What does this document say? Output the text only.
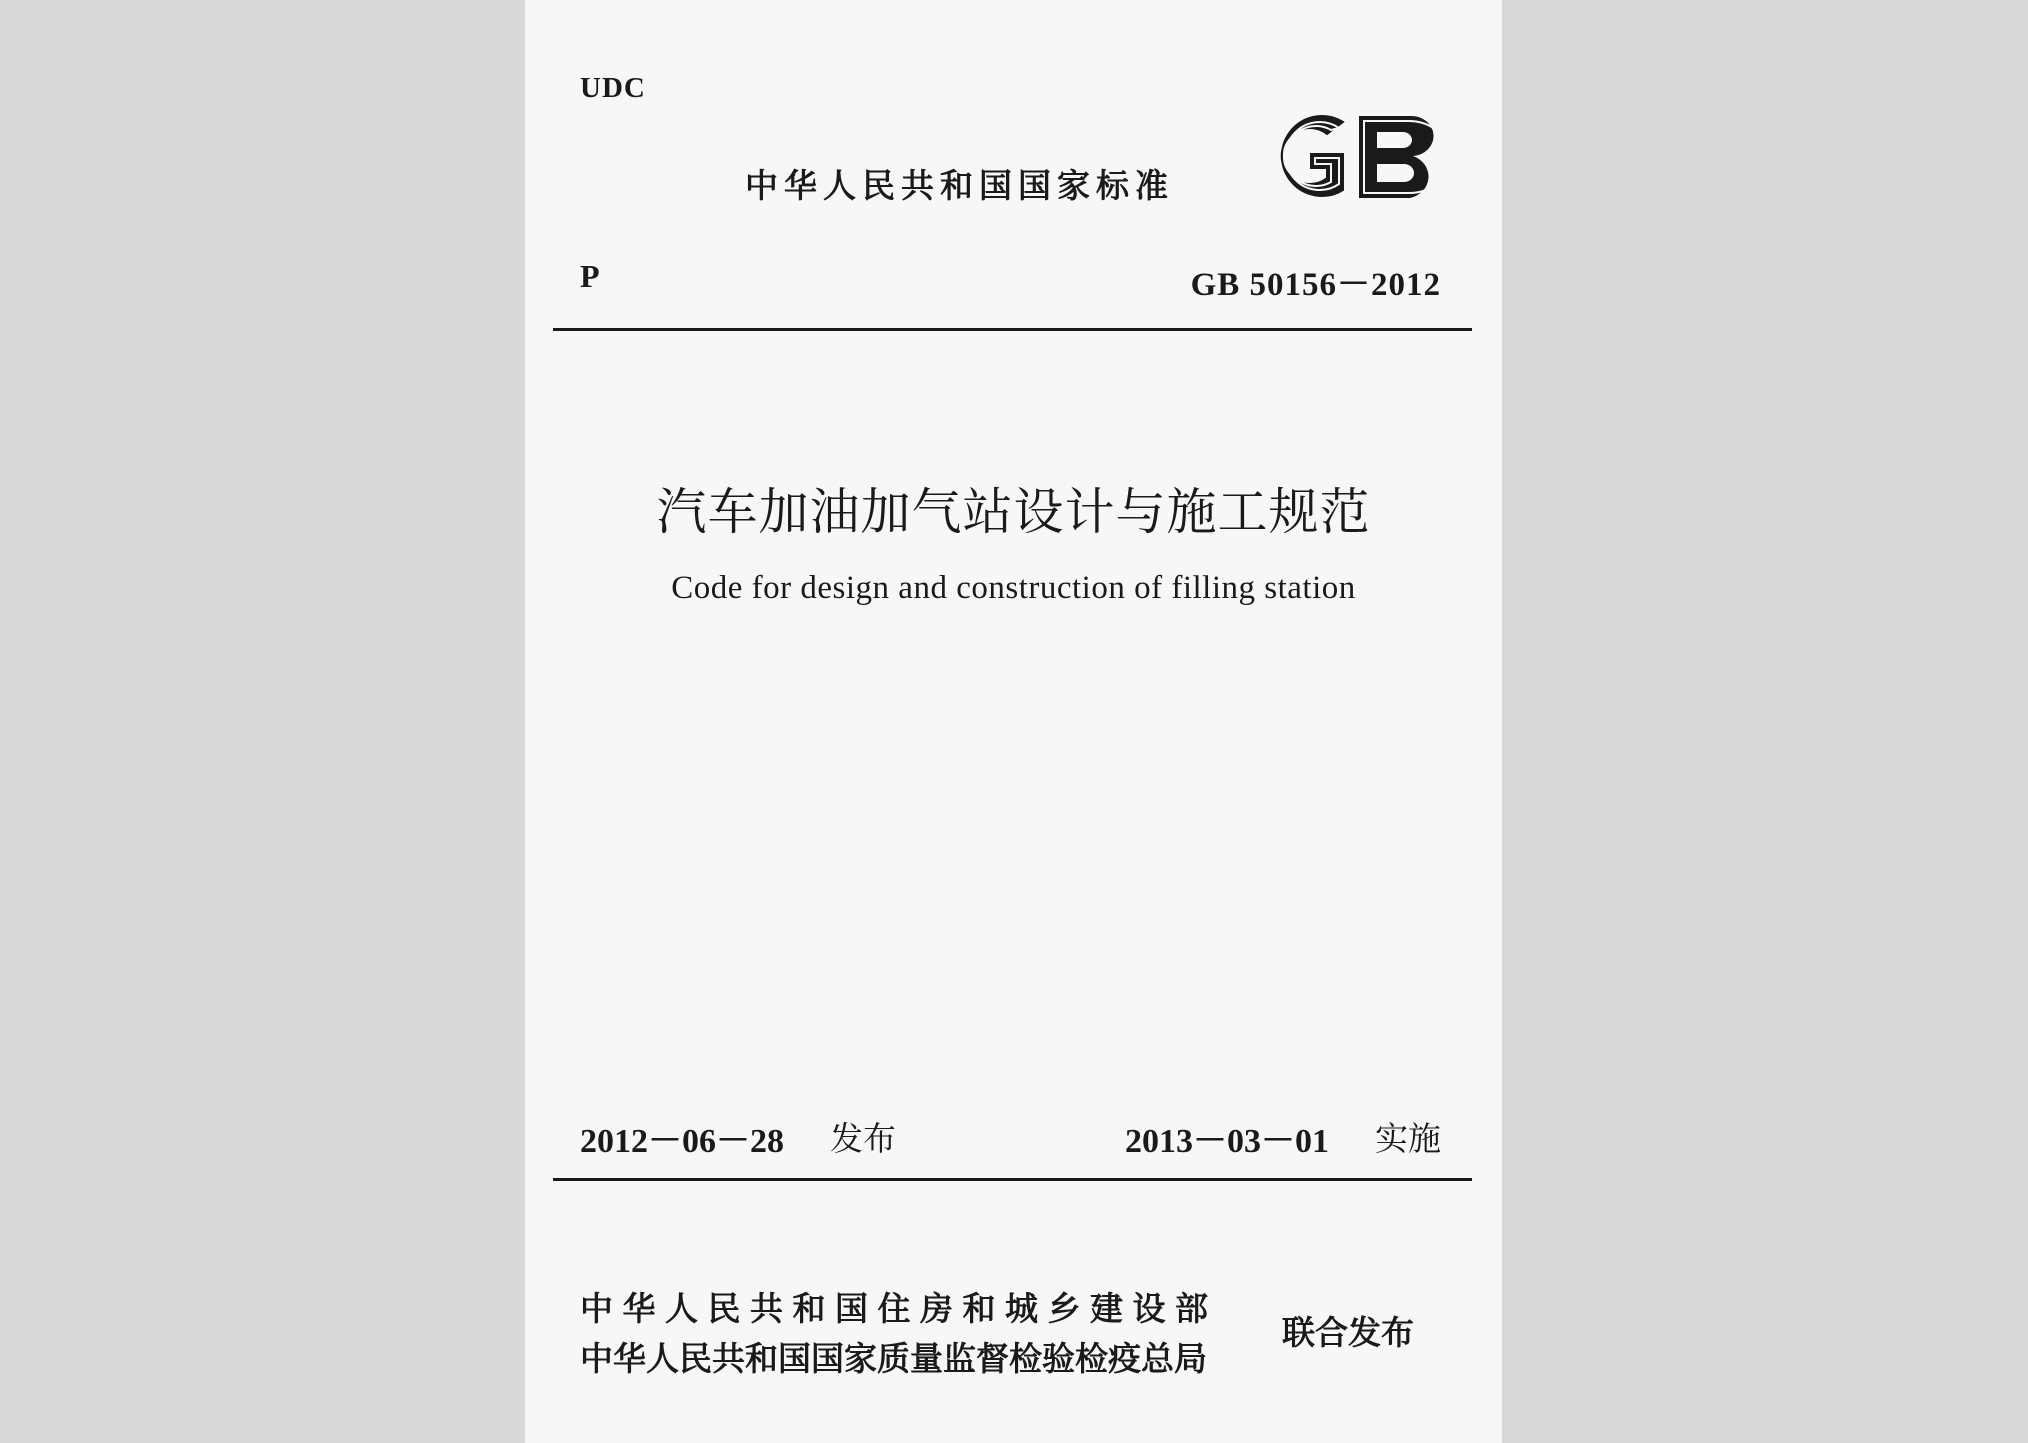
UDC
中华人民共和国国家标准
GB
P	GB 50156－2012
汽车加油加气站设计与施工规范
Code for design and construction of filling station
2012－06－28 发布	2013－03－01 实施
中华人民共和国住房和城乡建设部
中华人民共和国国家质量监督检验检疫总局
联合发布
